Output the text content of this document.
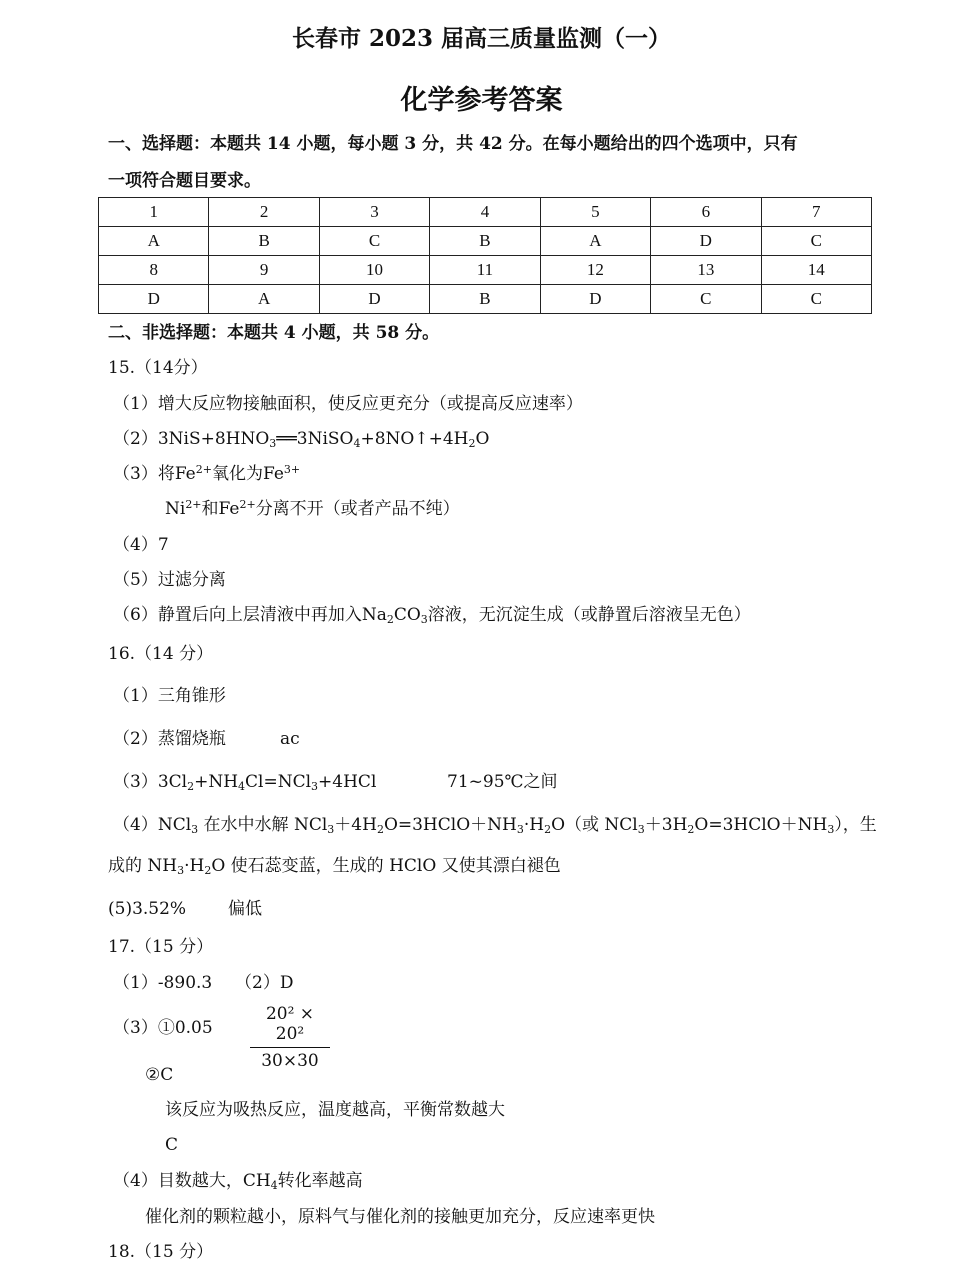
长春市 2023 届高三质量监测（一）
化学参考答案
一、选择题：本题共 14 小题，每小题 3 分，共 42 分。在每小题给出的四个选项中，只有
一项符合题目要求。
1	2	3	4	5	6	7
A	B	C	B	A	D	C
8	9	10	11	12	13	14
D	A	D	B	D	C	C
二、非选择题：本题共 4 小题，共 58 分。
15.（14分）
（1）增大反应物接触面积，使反应更充分（或提高反应速率）
$(2)3NiS+8HNO_3══3NiSO_4+8NO↑+4H_2O$
（3）将$Fe^{2+}$氧化为$Fe^{3+}$
$Ni^{2+}$和$Fe^{2+}$分离不开（或者产品不纯）
（4）7
（5）过滤分离
（6）静置后向上层清液中再加入$Na_2CO_3$溶液，无沉淀生成（或静置后溶液呈无色）
16.（14 分）
（1）三角锥形
（2）蒸馏烧瓶	ac
$(3)3Cl_2+NH_4Cl=NCl_3+4HCl$	71~95℃之间
（4）NCl$_3$ 在水中水解 $NCl_3+4H_2O=3HClO+NH_3\cdot H_2O$（或 $NCl_3+3H_2O=3HClO+NH_3$），生
成的 $NH_3\cdot H_2O$ 使石蕊变蓝，生成的 HClO 又使其漂白褪色
(5)3.52% 偏低
17.（15 分）
（1）-890.3 （2）D
（3）①0.05 $\frac{\text{20² × 20²}}{30\times 30}$
②C
该反应为吸热反应，温度越高，平衡常数越大
C
（4）目数越大，$CH_4$转化率越高
催化剂的颗粒越小，原料气与催化剂的接触更加充分，反应速率更快
18.（15 分）
